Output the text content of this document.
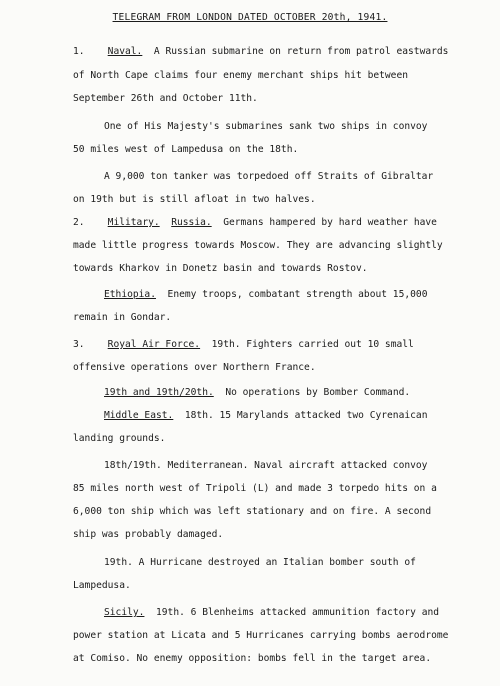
TELEGRAM FROM LONDON DATED OCTOBER 20th, 1941.
1. Naval. A Russian submarine on return from patrol eastwards
of North Cape claims four enemy merchant ships hit between
September 26th and October 11th.
One of His Majesty's submarines sank two ships in convoy
50 miles west of Lampedusa on the 18th.
A 9,000 ton tanker was torpedoed off Straits of Gibraltar
on 19th but is still afloat in two halves.
2. Military. Russia. Germans hampered by hard weather have
made little progress towards Moscow. They are advancing slightly
towards Kharkov in Donetz basin and towards Rostov.
Ethiopia. Enemy troops, combatant strength about 15,000
remain in Gondar.
3. Royal Air Force. 19th. Fighters carried out 10 small
offensive operations over Northern France.
19th and 19th/20th. No operations by Bomber Command.
Middle East. 18th. 15 Marylands attacked two Cyrenaican
landing grounds.
18th/19th. Mediterranean. Naval aircraft attacked convoy
85 miles north west of Tripoli (L) and made 3 torpedo hits on a
6,000 ton ship which was left stationary and on fire. A second
ship was probably damaged.
19th. A Hurricane destroyed an Italian bomber south of
Lampedusa.
Sicily. 19th. 6 Blenheims attacked ammunition factory and
power station at Licata and 5 Hurricanes carrying bombs aerodrome
at Comiso. No enemy opposition: bombs fell in the target area.
